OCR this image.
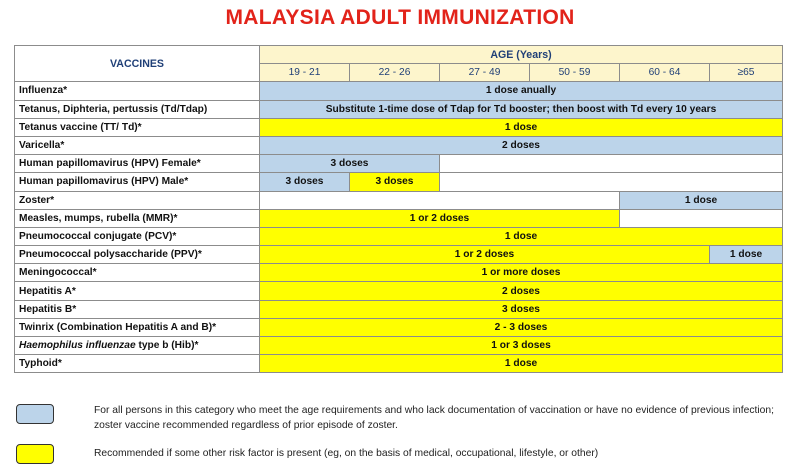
MALAYSIA ADULT IMMUNIZATION
VACCINES	AGE (Years)					
	19 - 21	22 - 26	27 - 49	50 - 59	60 - 64	≥65
Influenza*	1 dose anually					
Tetanus, Diphteria, pertussis (Td/Tdap)	Substitute 1-time dose of Tdap for Td booster; then boost with Td every 10 years					
Tetanus vaccine (TT/ Td)*	1 dose					
Varicella*	2 doses					
Human papillomavirus (HPV) Female*	3 doses					
Human papillomavirus (HPV) Male*	3 doses	3 doses				
Zoster*					1 dose	
Measles, mumps, rubella (MMR)*	1 or 2 doses					
Pneumococcal conjugate (PCV)*	1 dose					
Pneumococcal polysaccharide (PPV)*	1 or 2 doses					1 dose
Meningococcal*	1 or more doses					
Hepatitis A*	2 doses					
Hepatitis B*	3 doses					
Twinrix (Combination Hepatitis A and B)*	2 - 3 doses					
Haemophilus influenzae type b (Hib)*	1 or 3 doses					
Typhoid*	1 dose					
For all persons in this category who meet the age requirements and who lack documentation of vaccination or have no evidence of previous infection; zoster vaccine recommended regardless of prior episode of zoster.
Recommended if some other risk factor is present (eg, on the basis of medical, occupational, lifestyle, or other)
